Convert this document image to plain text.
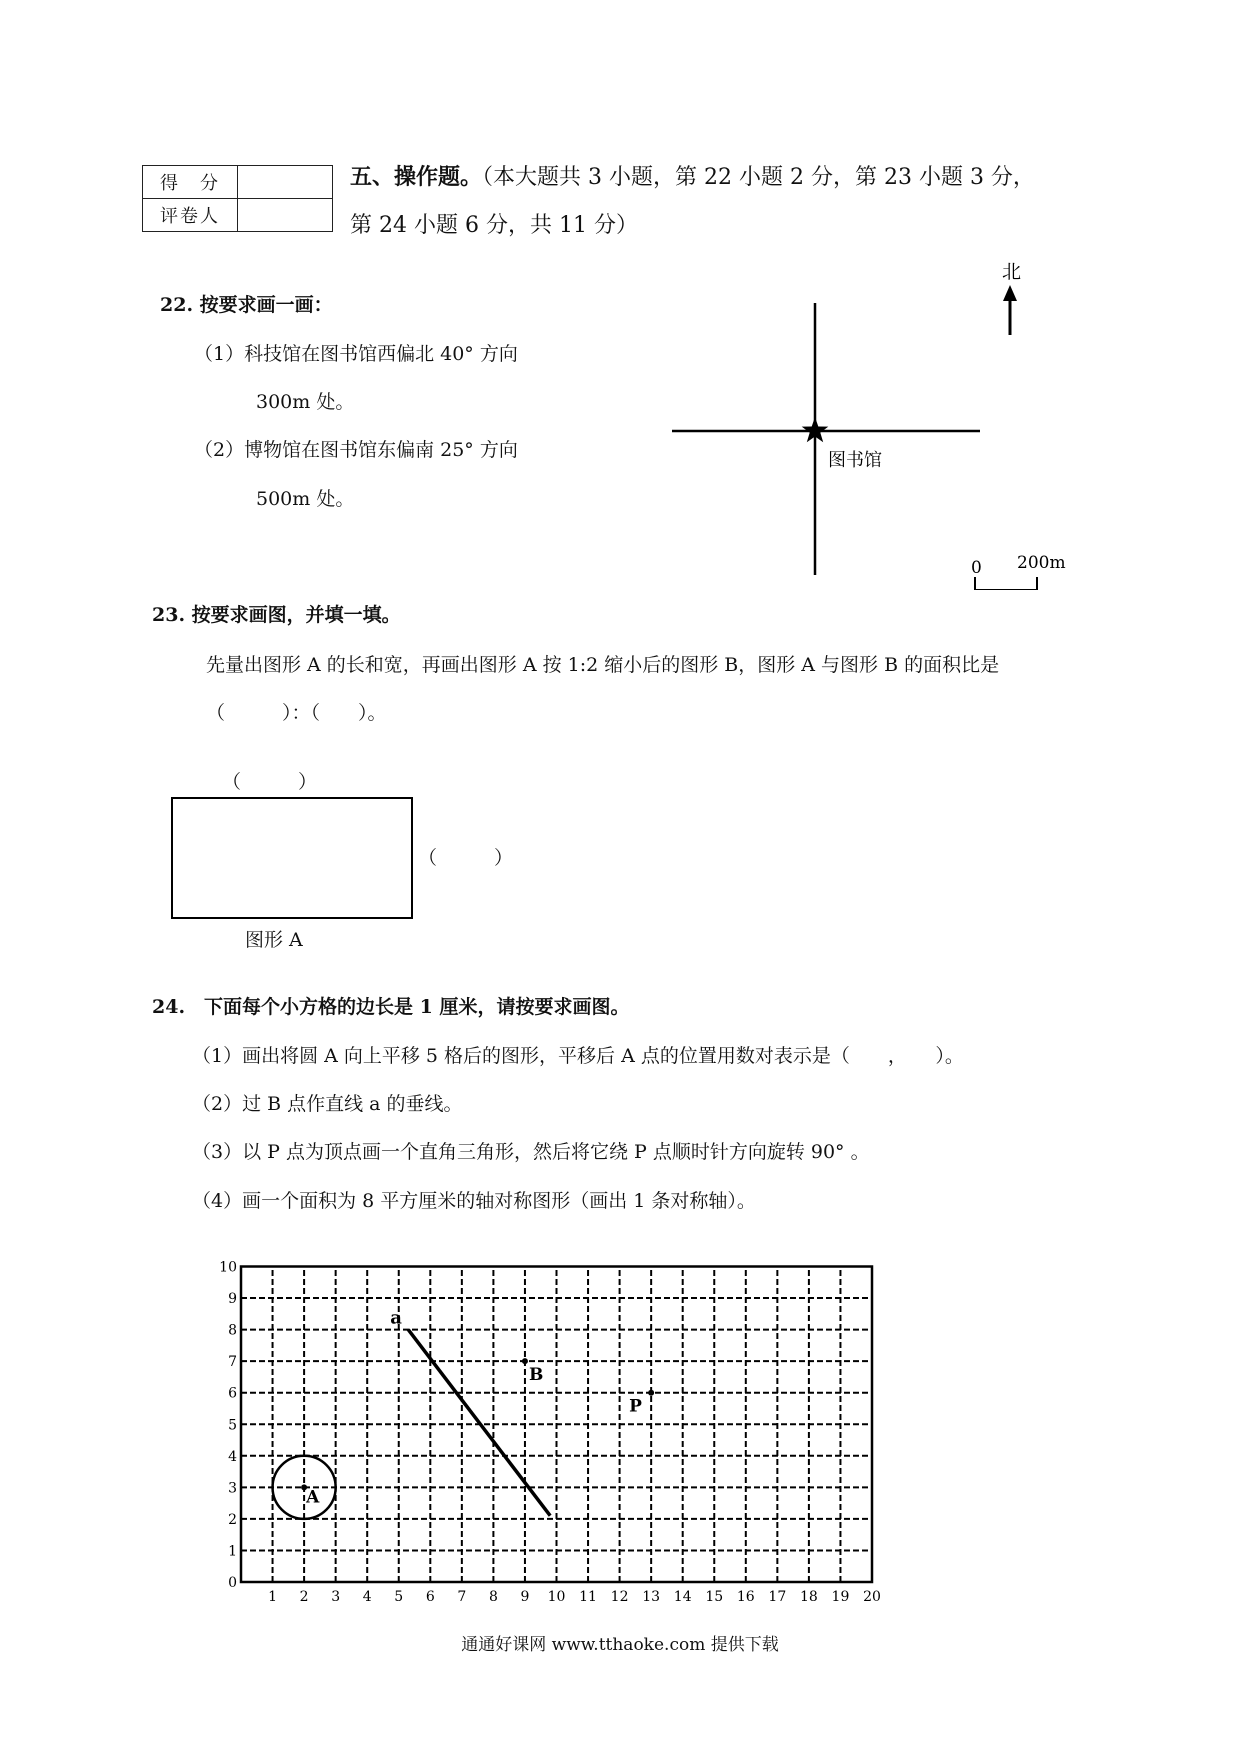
得　分	
评卷人	
五、操作题。（本大题共 3 小题，第 22 小题 2 分，第 23 小题 3 分，
第 24 小题 6 分，共 11 分）
22. 按要求画一画：
（1）科技馆在图书馆西偏北 40° 方向
300m 处。
（2）博物馆在图书馆东偏南 25° 方向
500m 处。
北
图书馆
0 200m
23. 按要求画图，并填一填。
先量出图形 A 的长和宽，再画出图形 A 按 1:2 缩小后的图形 B，图形 A 与图形 B 的面积比是
（　　　）：（　　）。
（　　　）
（　　　）
图形 A
24.　下面每个小方格的边长是 1 厘米，请按要求画图。
（1）画出将圆 A 向上平移 5 格后的图形，平移后 A 点的位置用数对表示是（　　，　　）。
（2）过 B 点作直线 a 的垂线。
（3）以 P 点为顶点画一个直角三角形，然后将它绕 P 点顺时针方向旋转 90° 。
（4）画一个面积为 8 平方厘米的轴对称图形（画出 1 条对称轴）。
1 2 3 4 5 6 7 8 9 10 11 12 13 14 15 16 17 18 19 20
0
1
2
3
4
5
6
7
8
9
10
a
B
P
A
通通好课网 www.tthaoke.com 提供下载
